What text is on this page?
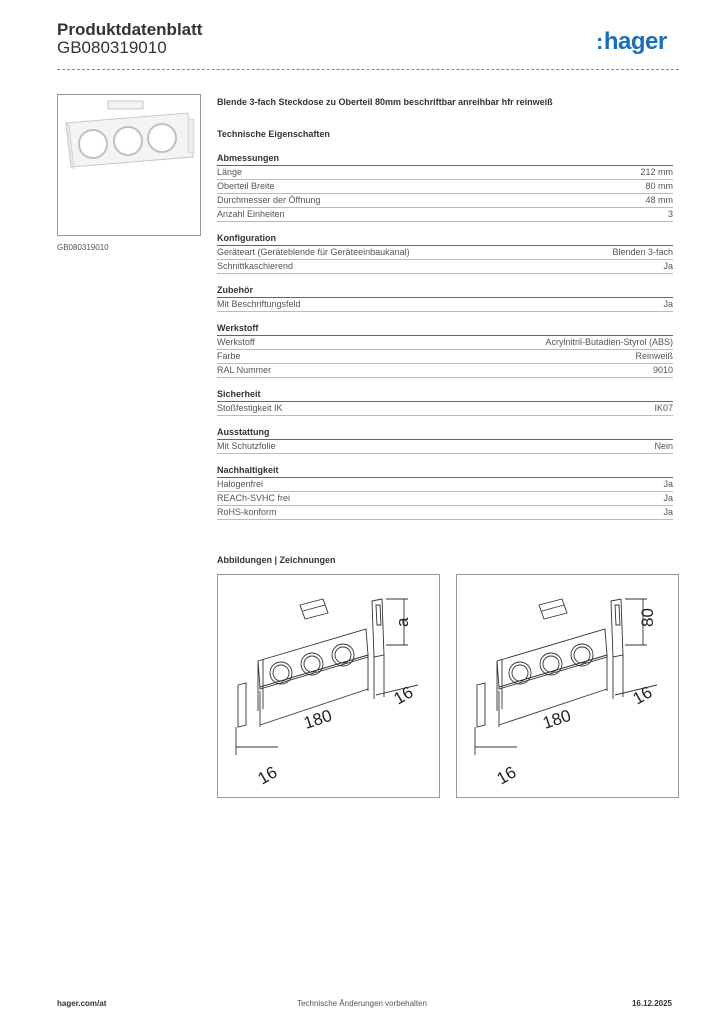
Produktdatenblatt
GB080319010	:hager
GB080319010
Blende 3-fach Steckdose zu Oberteil 80mm beschriftbar anreihbar hfr reinweiß
Technische Eigenschaften
Abmessungen
Länge	212 mm
Oberteil Breite	80 mm
Durchmesser der Öffnung	48 mm
Anzahl Einheiten	3
Konfiguration
Geräteart (Geräteblende für Geräteeinbaukanal)	Blenden 3-fach
Schnittkaschierend	Ja
Zubehör
Mit Beschriftungsfeld	Ja
Werkstoff
Werkstoff	Acrylnitril-Butadien-Styrol (ABS)
Farbe	Reinweiß
RAL Nummer	9010
Sicherheit
Stoßfestigkeit IK	IK07
Ausstattung
Mit Schutzfolie	Nein
Nachhaltigkeit
Halogenfrei	Ja
REACh-SVHC frei	Ja
RoHS-konform	Ja
Abbildungen | Zeichnungen
180
a
16
16
180
80
16
16
hager.com/at	Technische Änderungen vorbehalten	16.12.2025
